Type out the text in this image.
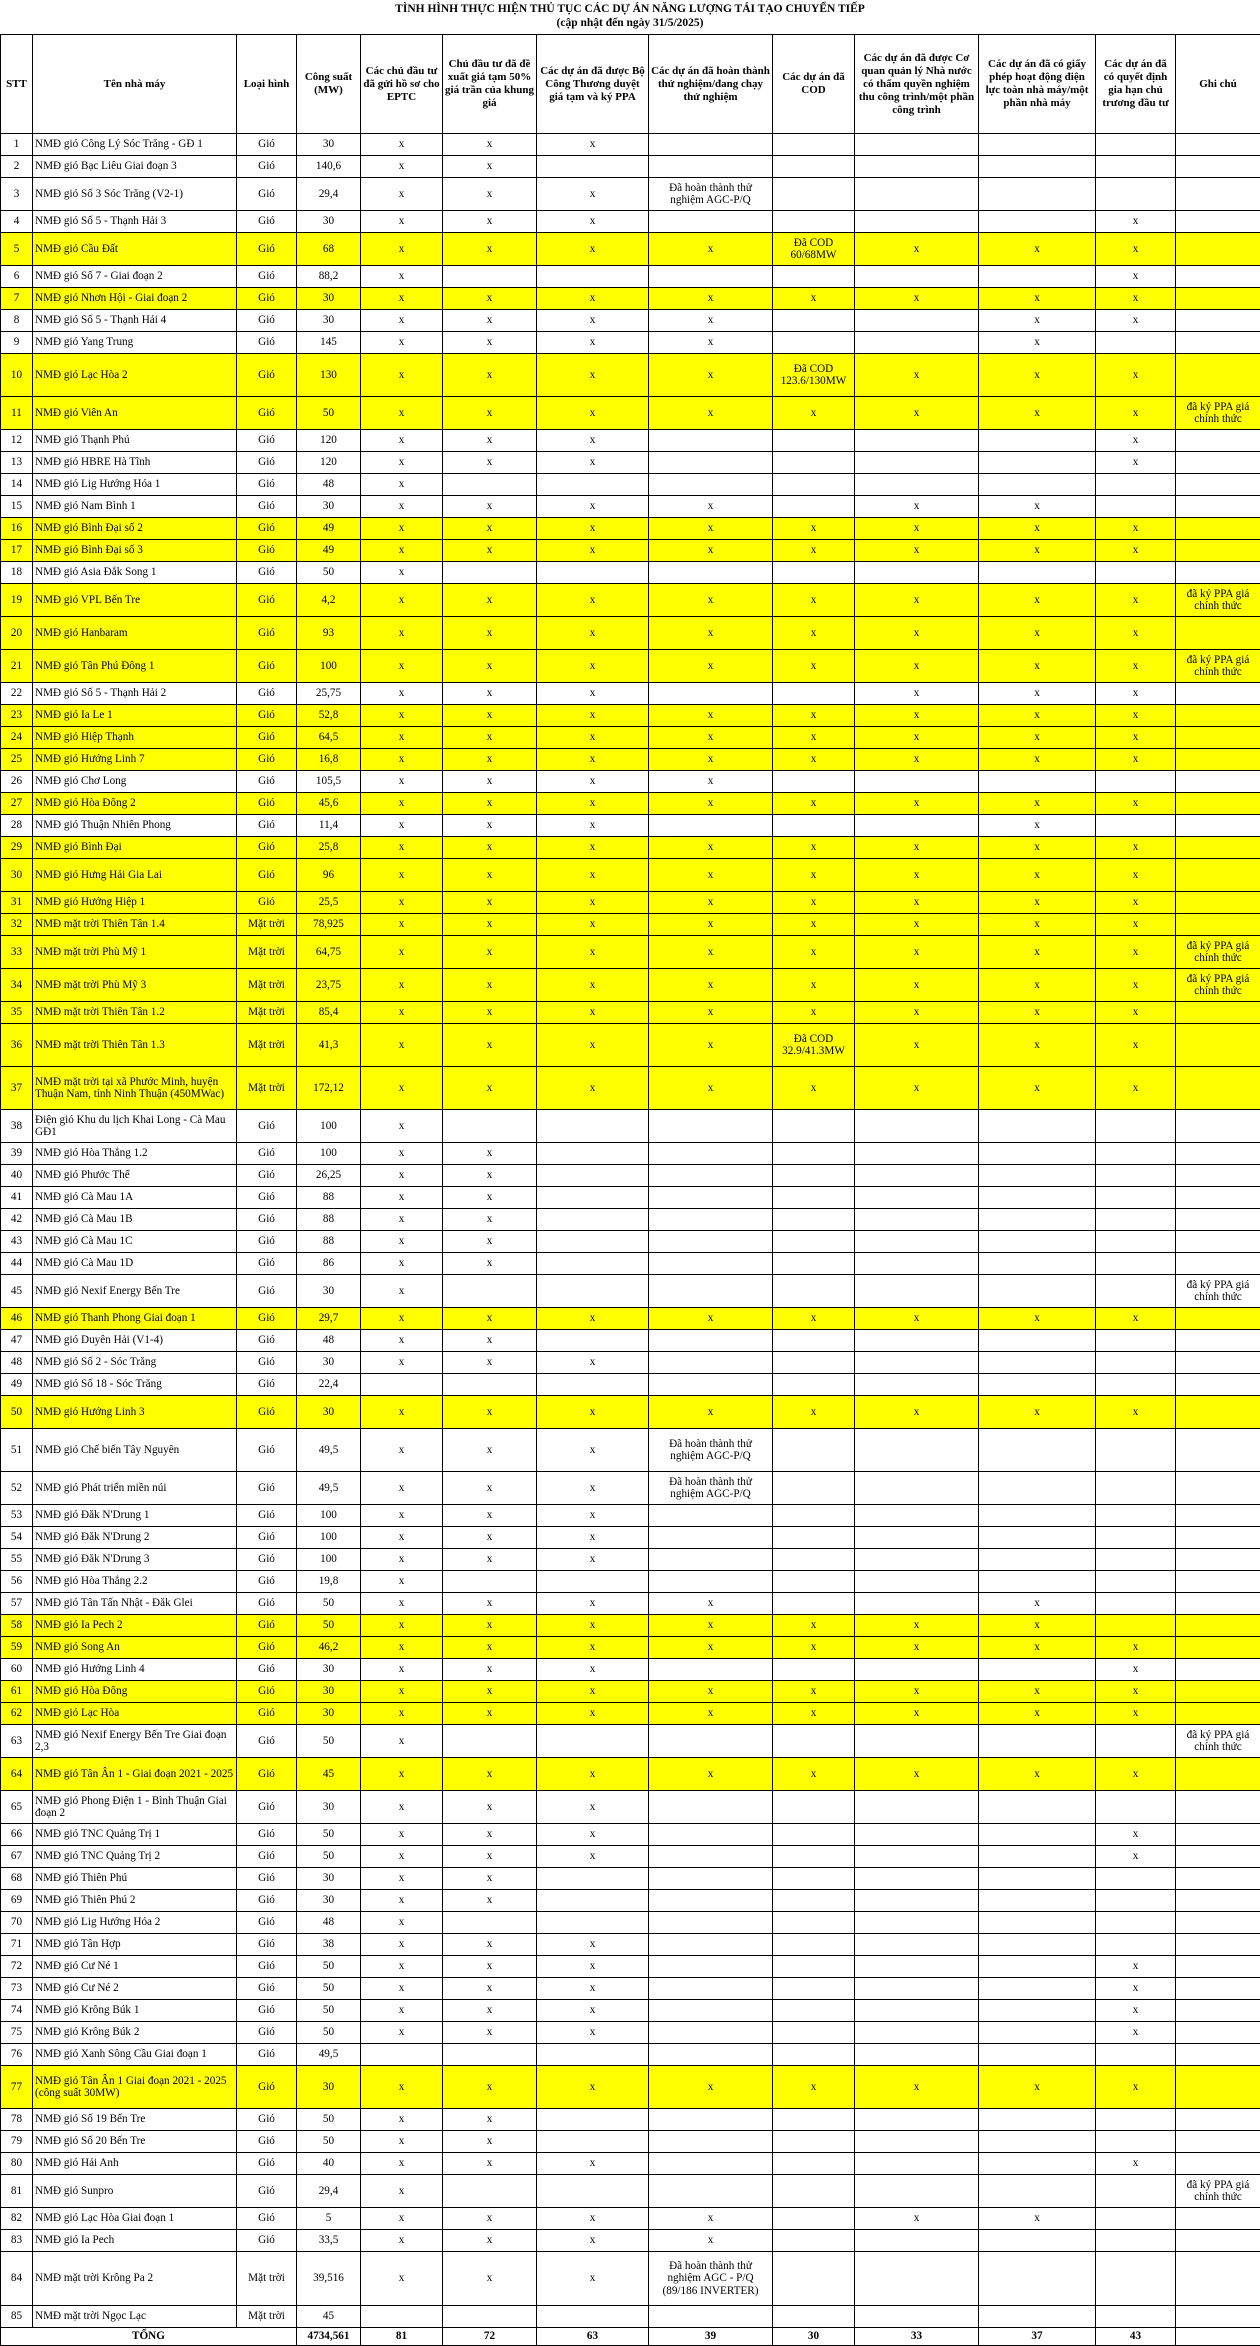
TÌNH HÌNH THỰC HIỆN THỦ TỤC CÁC DỰ ÁN NĂNG LƯỢNG TÁI TẠO CHUYỂN TIẾP
(cập nhật đến ngày 31/5/2025)
STT	Tên nhà máy	Loại hình	Công suất (MW)	Các chủ đầu tư đã gửi hồ sơ cho EPTC	Chủ đầu tư đã đề xuất giá tạm 50% giá trần của khung giá	Các dự án đã được Bộ Công Thương duyệt giá tạm và ký PPA	Các dự án đã hoàn thành thử nghiệm/đang chạy thử nghiệm	Các dự án đã COD	Các dự án đã được Cơ quan quản lý Nhà nước có thẩm quyền nghiệm thu công trình/một phần công trình	Các dự án đã có giấy phép hoạt động điện lực toàn nhà máy/một phần nhà máy	Các dự án đã có quyết định gia hạn chủ trương đầu tư	Ghi chú
1	NMĐ gió Công Lý Sóc Trăng - GĐ 1	Gió	30	x	x	x						
2	NMĐ gió Bạc Liêu Giai đoạn 3	Gió	140,6	x	x							
3	NMĐ gió Số 3 Sóc Trăng (V2-1)	Gió	29,4	x	x	x	Đã hoàn thành thử nghiệm AGC-P/Q					
4	NMĐ gió Số 5 - Thạnh Hải 3	Gió	30	x	x	x					x	
5	NMĐ gió Cầu Đất	Gió	68	x	x	x	x	Đã COD 60/68MW	x	x	x	
6	NMĐ gió Số 7 - Giai đoạn 2	Gió	88,2	x							x	
7	NMĐ gió Nhơn Hội - Giai đoạn 2	Gió	30	x	x	x	x	x	x	x	x	
8	NMĐ gió Số 5 - Thạnh Hải 4	Gió	30	x	x	x	x			x	x	
9	NMĐ gió Yang Trung	Gió	145	x	x	x	x			x		
10	NMĐ gió Lạc Hòa 2	Gió	130	x	x	x	x	Đã COD 123.6/130MW	x	x	x	
11	NMĐ gió Viên An	Gió	50	x	x	x	x	x	x	x	x	đã ký PPA giá chính thức
12	NMĐ gió Thạnh Phú	Gió	120	x	x	x					x	
13	NMĐ gió HBRE Hà Tĩnh	Gió	120	x	x	x					x	
14	NMĐ gió Lig Hướng Hóa 1	Gió	48	x								
15	NMĐ gió Nam Bình 1	Gió	30	x	x	x	x		x	x		
16	NMĐ gió Bình Đại số 2	Gió	49	x	x	x	x	x	x	x	x	
17	NMĐ gió Bình Đại số 3	Gió	49	x	x	x	x	x	x	x	x	
18	NMĐ gió Asia Đắk Song 1	Gió	50	x								
19	NMĐ gió VPL Bến Tre	Gió	4,2	x	x	x	x	x	x	x	x	đã ký PPA giá chính thức
20	NMĐ gió Hanbaram	Gió	93	x	x	x	x	x	x	x	x	
21	NMĐ gió Tân Phú Đông 1	Gió	100	x	x	x	x	x	x	x	x	đã ký PPA giá chính thức
22	NMĐ gió Số 5 - Thạnh Hải 2	Gió	25,75	x	x	x			x	x	x	
23	NMĐ gió Ia Le 1	Gió	52,8	x	x	x	x	x	x	x	x	
24	NMĐ gió Hiệp Thạnh	Gió	64,5	x	x	x	x	x	x	x	x	
25	NMĐ gió Hướng Linh 7	Gió	16,8	x	x	x	x	x	x	x	x	
26	NMĐ gió Chơ Long	Gió	105,5	x	x	x	x					
27	NMĐ gió Hòa Đông 2	Gió	45,6	x	x	x	x	x	x	x	x	
28	NMĐ gió Thuận Nhiên Phong	Gió	11,4	x	x	x				x		
29	NMĐ gió Bình Đại	Gió	25,8	x	x	x	x	x	x	x	x	
30	NMĐ gió Hưng Hải Gia Lai	Gió	96	x	x	x	x	x	x	x	x	
31	NMĐ gió Hướng Hiệp 1	Gió	25,5	x	x	x	x	x	x	x	x	
32	NMĐ mặt trời Thiên Tân 1.4	Mặt trời	78,925	x	x	x	x	x	x	x	x	
33	NMĐ mặt trời Phù Mỹ 1	Mặt trời	64,75	x	x	x	x	x	x	x	x	đã ký PPA giá chính thức
34	NMĐ mặt trời Phù Mỹ 3	Mặt trời	23,75	x	x	x	x	x	x	x	x	đã ký PPA giá chính thức
35	NMĐ mặt trời Thiên Tân 1.2	Mặt trời	85,4	x	x	x	x	x	x	x	x	
36	NMĐ mặt trời Thiên Tân 1.3	Mặt trời	41,3	x	x	x	x	Đã COD 32.9/41.3MW	x	x	x	
37	NMĐ mặt trời tại xã Phước Minh, huyện Thuận Nam, tỉnh Ninh Thuận (450MWac)	Mặt trời	172,12	x	x	x	x	x	x	x	x	
38	Điện gió Khu du lịch Khai Long - Cà Mau GĐ1	Gió	100	x								
39	NMĐ gió Hòa Thắng 1.2	Gió	100	x	x							
40	NMĐ gió Phước Thể	Gió	26,25	x	x							
41	NMĐ gió Cà Mau 1A	Gió	88	x	x							
42	NMĐ gió Cà Mau 1B	Gió	88	x	x							
43	NMĐ gió Cà Mau 1C	Gió	88	x	x							
44	NMĐ gió Cà Mau 1D	Gió	86	x	x							
45	NMĐ gió Nexif Energy Bến Tre	Gió	30	x								đã ký PPA giá chính thức
46	NMĐ gió Thanh Phong Giai đoạn 1	Gió	29,7	x	x	x	x	x	x	x	x	
47	NMĐ gió Duyên Hải (V1-4)	Gió	48	x	x							
48	NMĐ gió Số 2 - Sóc Trăng	Gió	30	x	x	x						
49	NMĐ gió Số 18 - Sóc Trăng	Gió	22,4									
50	NMĐ gió Hướng Linh 3	Gió	30	x	x	x	x	x	x	x	x	
51	NMĐ gió Chế biến Tây Nguyên	Gió	49,5	x	x	x	Đã hoàn thành thử nghiệm AGC-P/Q					
52	NMĐ gió Phát triển miền núi	Gió	49,5	x	x	x	Đã hoàn thành thử nghiệm AGC-P/Q					
53	NMĐ gió Đăk N'Drung 1	Gió	100	x	x	x						
54	NMĐ gió Đăk N'Drung 2	Gió	100	x	x	x						
55	NMĐ gió Đăk N'Drung 3	Gió	100	x	x	x						
56	NMĐ gió Hòa Thắng 2.2	Gió	19,8	x								
57	NMĐ gió Tân Tấn Nhật - Đăk Glei	Gió	50	x	x	x	x			x		
58	NMĐ gió Ia Pech 2	Gió	50	x	x	x	x	x	x	x		
59	NMĐ gió Song An	Gió	46,2	x	x	x	x	x	x	x	x	
60	NMĐ gió Hướng Linh 4	Gió	30	x	x	x					x	
61	NMĐ gió Hòa Đông	Gió	30	x	x	x	x	x	x	x	x	
62	NMĐ gió Lạc Hòa	Gió	30	x	x	x	x	x	x	x	x	
63	NMĐ gió Nexif Energy Bến Tre Giai đoạn 2,3	Gió	50	x								đã ký PPA giá chính thức
64	NMĐ gió Tân Ân 1 - Giai đoạn 2021 - 2025	Gió	45	x	x	x	x	x	x	x	x	
65	NMĐ gió Phong Điện 1 - Bình Thuận Giai đoạn 2	Gió	30	x	x	x						
66	NMĐ gió TNC Quảng Trị 1	Gió	50	x	x	x					x	
67	NMĐ gió TNC Quảng Trị 2	Gió	50	x	x	x					x	
68	NMĐ gió Thiên Phú	Gió	30	x	x							
69	NMĐ gió Thiên Phú 2	Gió	30	x	x							
70	NMĐ gió Lig Hướng Hóa 2	Gió	48	x								
71	NMĐ gió Tân Hợp	Gió	38	x	x	x						
72	NMĐ gió Cư Né 1	Gió	50	x	x	x					x	
73	NMĐ gió Cư Né 2	Gió	50	x	x	x					x	
74	NMĐ gió Krông Búk 1	Gió	50	x	x	x					x	
75	NMĐ gió Krông Búk 2	Gió	50	x	x	x					x	
76	NMĐ gió Xanh Sông Cầu Giai đoạn 1	Gió	49,5									
77	NMĐ gió Tân Ân 1 Giai đoạn 2021 - 2025 (công suất 30MW)	Gió	30	x	x	x	x	x	x	x	x	
78	NMĐ gió Số 19 Bến Tre	Gió	50	x	x							
79	NMĐ gió Số 20 Bến Tre	Gió	50	x	x							
80	NMĐ gió Hải Anh	Gió	40	x	x	x					x	
81	NMĐ gió Sunpro	Gió	29,4	x								đã ký PPA giá chính thức
82	NMĐ gió Lạc Hòa Giai đoạn 1	Gió	5	x	x	x	x		x	x		
83	NMĐ gió Ia Pech	Gió	33,5	x	x	x	x					
84	NMĐ mặt trời Krông Pa 2	Mặt trời	39,516	x	x	x	Đã hoàn thành thử nghiệm AGC - P/Q (89/186 INVERTER)					
85	NMĐ mặt trời Ngọc Lạc	Mặt trời	45									
TỔNG			4734,561	81	72	63	39	30	33	37	43	
